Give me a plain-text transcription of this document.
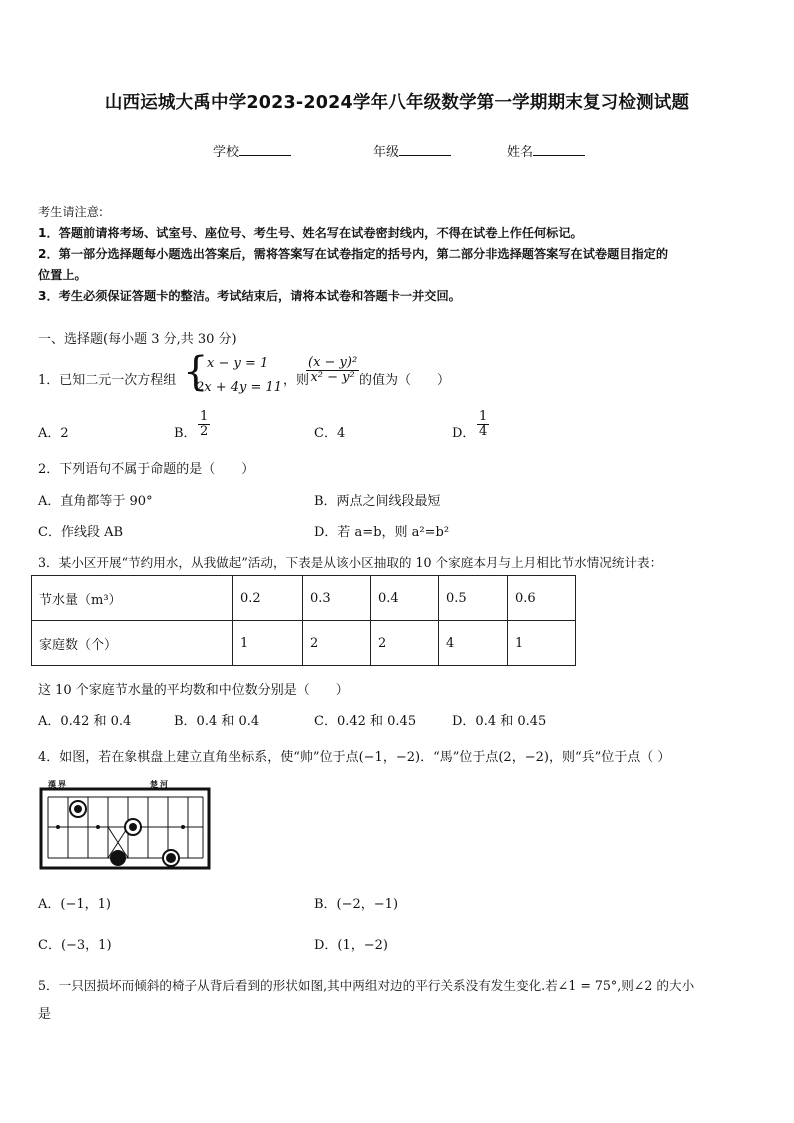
山西运城大禹中学2023-2024学年八年级数学第一学期期末复习检测试题
学校	年级	姓名
考生请注意:
1．答题前请将考场、试室号、座位号、考生号、姓名写在试卷密封线内，不得在试卷上作任何标记。
2．第一部分选择题每小题选出答案后，需将答案写在试卷指定的括号内，第二部分非选择题答案写在试卷题目指定的
位置上。
3．考生必须保证答题卡的整洁。考试结束后，请将本试卷和答题卡一并交回。
一、选择题(每小题 3 分,共 30 分)
1．已知二元一次方程组 {
x − y = 1
2x + 4y = 11 ，则
$\frac{\text{(x − y)²}}{\text{x² − y²}}$ 的值为（　　）
A．2	B． $\frac{1}{2}$	C．4	D． $\frac{1}{4}$
2．下列语句不属于命题的是（　　）
A．直角都等于 90°	B．两点之间线段最短
C．作线段 AB	D．若 a=b，则 a²=b²
3．某小区开展“节约用水，从我做起”活动，下表是从该小区抽取的 10 个家庭本月与上月相比节水情况统计表：
节水量（m³）	0.2	0.3	0.4	0.5	0.6
家庭数（个）	1	2	2	4	1
这 10 个家庭节水量的平均数和中位数分别是（　　）
A．0.42 和 0.4	B．0.4 和 0.4	C．0.42 和 0.45	D．0.4 和 0.45
4．如图，若在象棋盘上建立直角坐标系，使“帅”位于点(−1，−2)．“馬”位于点(2，−2)，则“兵”位于点（ ）
漢界	楚河
A．(−1，1)	B．(−2，−1)
C．(−3，1)	D．(1，−2)
5．一只因损坏而倾斜的椅子从背后看到的形状如图,其中两组对边的平行关系没有发生变化.若∠1 = 75°,则∠2 的大小
是
